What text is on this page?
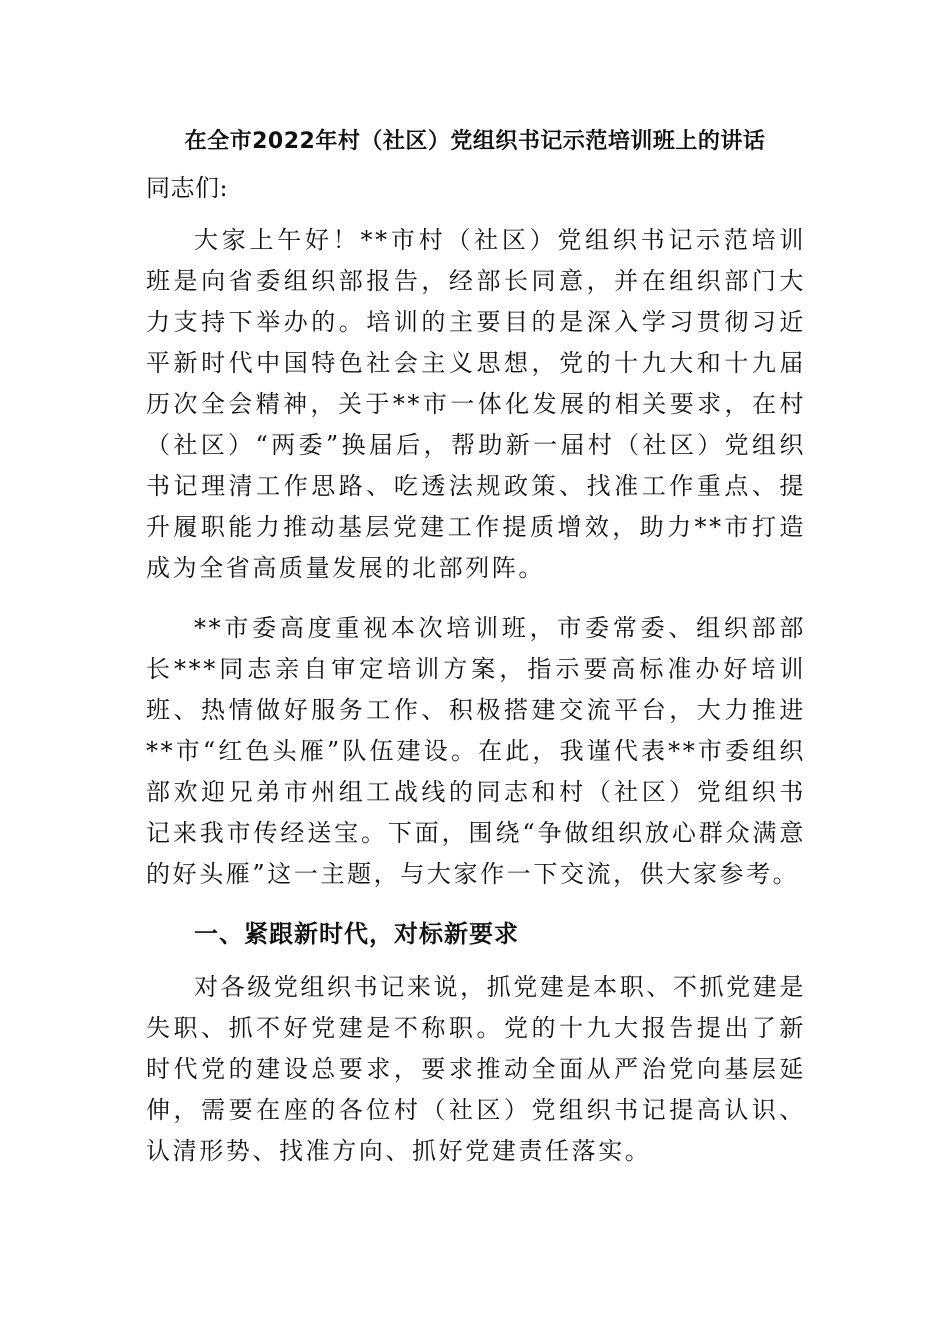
在全市2022年村（社区）党组织书记示范培训班上的讲话

同志们:

大家上午好！**市村（社区）党组织书记示范培训班是向省委组织部报告，经部长同意，并在组织部门大力支持下举办的。培训的主要目的是深入学习贯彻习近平新时代中国特色社会主义思想，党的十九大和十九届历次全会精神，关于**市一体化发展的相关要求，在村（社区）“两委”换届后，帮助新一届村（社区）党组织书记理清工作思路、吃透法规政策、找准工作重点、提升履职能力推动基层党建工作提质增效，助力**市打造成为全省高质量发展的北部列阵。

**市委高度重视本次培训班，市委常委、组织部部长***同志亲自审定培训方案，指示要高标准办好培训班、热情做好服务工作、积极搭建交流平台，大力推进**市“红色头雁”队伍建设。在此，我谨代表**市委组织部欢迎兄弟市州组工战线的同志和村（社区）党组织书记来我市传经送宝。下面，围绕“争做组织放心群众满意的好头雁”这一主题，与大家作一下交流，供大家参考。

一、紧跟新时代，对标新要求

对各级党组织书记来说，抓党建是本职、不抓党建是失职、抓不好党建是不称职。党的十九大报告提出了新时代党的建设总要求，要求推动全面从严治党向基层延伸，需要在座的各位村（社区）党组织书记提高认识、认清形势、找准方向、抓好党建责任落实。
